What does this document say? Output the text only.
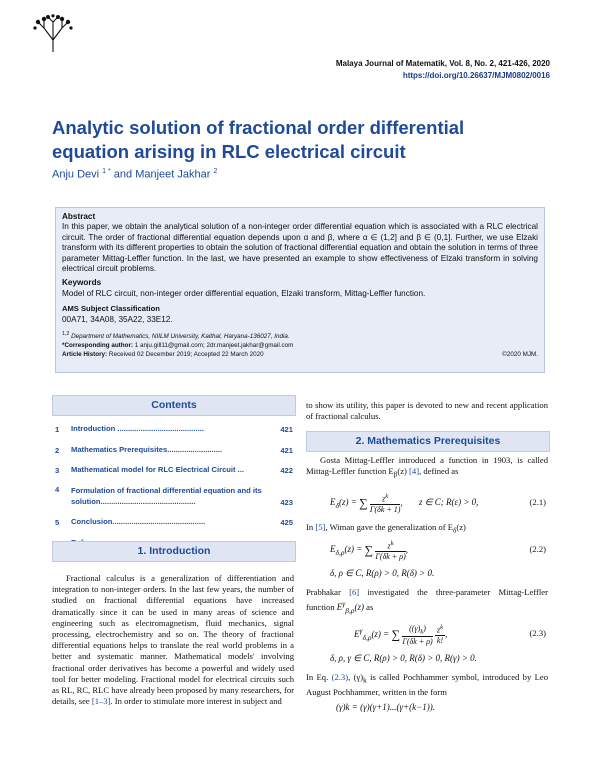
Malaya Journal of Matematik, Vol. 8, No. 2, 421-426, 2020
https://doi.org/10.26637/MJM0802/0016
Analytic solution of fractional order differential equation arising in RLC electrical circuit
Anju Devi $^{1 *}$ and Manjeet Jakhar $^2$
Abstract
In this paper, we obtain the analytical solution of a non-integer order differential equation which is associated with a RLC electrical circuit. The order of fractional differential equation depends upon α and β, where α ∈ (1,2] and β ∈ (0,1]. Further, we use Elzaki transform with its different properties to obtain the solution of fractional differential equation and obtain the solution in terms of three parameter Mittag-Leffler function. In the last, we have presented an example to show effectiveness of Elzaki transform in solving electrical circuit problems.
Keywords
Model of RLC circuit, non-integer order differential equation, Elzaki transform, Mittag-Leffler function.
AMS Subject Classification
00A71, 34A08, 35A22, 33E12.
$^{1,2}$ Department of Mathematics, NIILM University, Kaithal, Haryana-136027, India.
*Corresponding author: 1 anju.gill11@gmail.com; 2dr.manjeet.jakhar@gmail.com
Article History: Received 02 December 2019; Accepted 22 March 2020	©2020 MJM.
Contents
1	Introduction .........................................	421
2	Mathematics Prerequisites..........................	421
3	Mathematical model for RLC Electrical Circuit ...	422
4	Formulation of fractional differential equation and its solution.............................................	423
5	Conclusion............................................	425
1. Introduction
Fractional calculus is a generalization of differentiation and integration to non-integer orders. In the last few years, the number of studied on fractional differential equations have increased dramatically since it can be used in many areas of science and engineering such as electromagnetism, fluid mechanics, signal processing, electrochemistry and so on. The theory of fractional differential equations helps to translate the real world problems in a better and systematic manner. Mathematical models' involving fractional order derivatives has become a powerful and widely used tool for better modeling. Fractional model for electrical circuits such as RL, RC, RLC have already been proposed by many researchers, for details, see [1–3]. In order to stimulate more interest in subject and
to show its utility, this paper is devoted to new and recent application of fractional calculus.
2. Mathematics Prerequisites
Gosta Mittag-Leffler introduced a function in 1903, is called Mittag-Leffler function $E_\beta(z)$ [4], defined as
$E_\delta(z)$ = ∑ $\frac{z^k}{\Gamma(\delta k + 1)}$ , z ∈ C; R(ε) > 0,	(2.1)
In [5], Wiman gave the generalization of $E_\delta(z)$
$E_{\delta,\rho}(z)$ = ∑ $\frac{z^k}{\Gamma(\delta k + \rho)}$ ,	(2.2)
δ, ρ ∈ C, R(ρ) > 0, R(δ) > 0.
Prabhakar [6] investigated the three-parameter Mittag-Leffler function $E^\gamma_{\beta,\rho}(z)$ as
$E^\gamma_{\delta,\rho}(z)$ = ∑ $\frac{((\gamma)_k)}{\Gamma(\delta k + \rho)}$
$\frac{z^k}{k!}$ ,	(2.3)
δ, ρ, γ ∈ C, R(ρ) > 0, R(δ) > 0, R(γ) > 0.
In Eq. (2.3), $(\gamma)_k$ is called Pochhammer symbol, introduced by Leo August Pochhammer, written in the form
(γ)k = (γ)(γ+1)...(γ+(k−1)).
